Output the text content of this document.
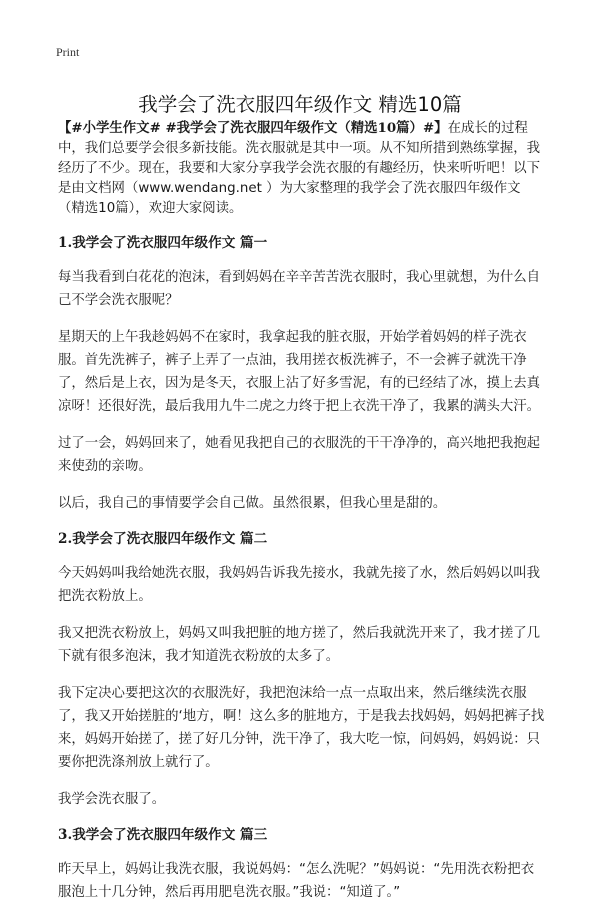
Print
我学会了洗衣服四年级作文 精选10篇

【#小学生作文# #我学会了洗衣服四年级作文（精选10篇）#】在成长的过程中，我们总要学会很多新技能。洗衣服就是其中一项。从不知所措到熟练掌握，我经历了不少。现在，我要和大家分享我学会洗衣服的有趣经历，快来听听吧！以下是由文档网（www.wendang.net ）为大家整理的我学会了洗衣服四年级作文（精选10篇），欢迎大家阅读。

1.我学会了洗衣服四年级作文 篇一

每当我看到白花花的泡沫，看到妈妈在辛辛苦苦洗衣服时，我心里就想，为什么自己不学会洗衣服呢？

星期天的上午我趁妈妈不在家时，我拿起我的脏衣服，开始学着妈妈的样子洗衣服。首先洗裤子，裤子上弄了一点油，我用搓衣板洗裤子，不一会裤子就洗干净了，然后是上衣，因为是冬天，衣服上沾了好多雪泥，有的已经结了冰，摸上去真凉呀！还很好洗，最后我用九牛二虎之力终于把上衣洗干净了，我累的满头大汗。

过了一会，妈妈回来了，她看见我把自己的衣服洗的干干净净的，高兴地把我抱起来使劲的亲吻。

以后，我自己的事情要学会自己做。虽然很累，但我心里是甜的。

2.我学会了洗衣服四年级作文 篇二

今天妈妈叫我给她洗衣服，我妈妈告诉我先接水，我就先接了水，然后妈妈以叫我把洗衣粉放上。

我又把洗衣粉放上，妈妈又叫我把脏的地方搓了，然后我就洗开来了，我才搓了几下就有很多泡沫，我才知道洗衣粉放的太多了。

我下定决心要把这次的衣服洗好，我把泡沫给一点一点取出来，然后继续洗衣服了，我又开始搓脏的‘地方，啊！这么多的脏地方，于是我去找妈妈，妈妈把裤子找来，妈妈开始搓了，搓了好几分钟，洗干净了，我大吃一惊，问妈妈，妈妈说：只要你把洗涤剂放上就行了。

我学会洗衣服了。

3.我学会了洗衣服四年级作文 篇三

昨天早上，妈妈让我洗衣服，我说妈妈：“怎么洗呢？”妈妈说：“先用洗衣粉把衣服泡上十几分钟，然后再用肥皂洗衣服。”我说：“知道了。”
